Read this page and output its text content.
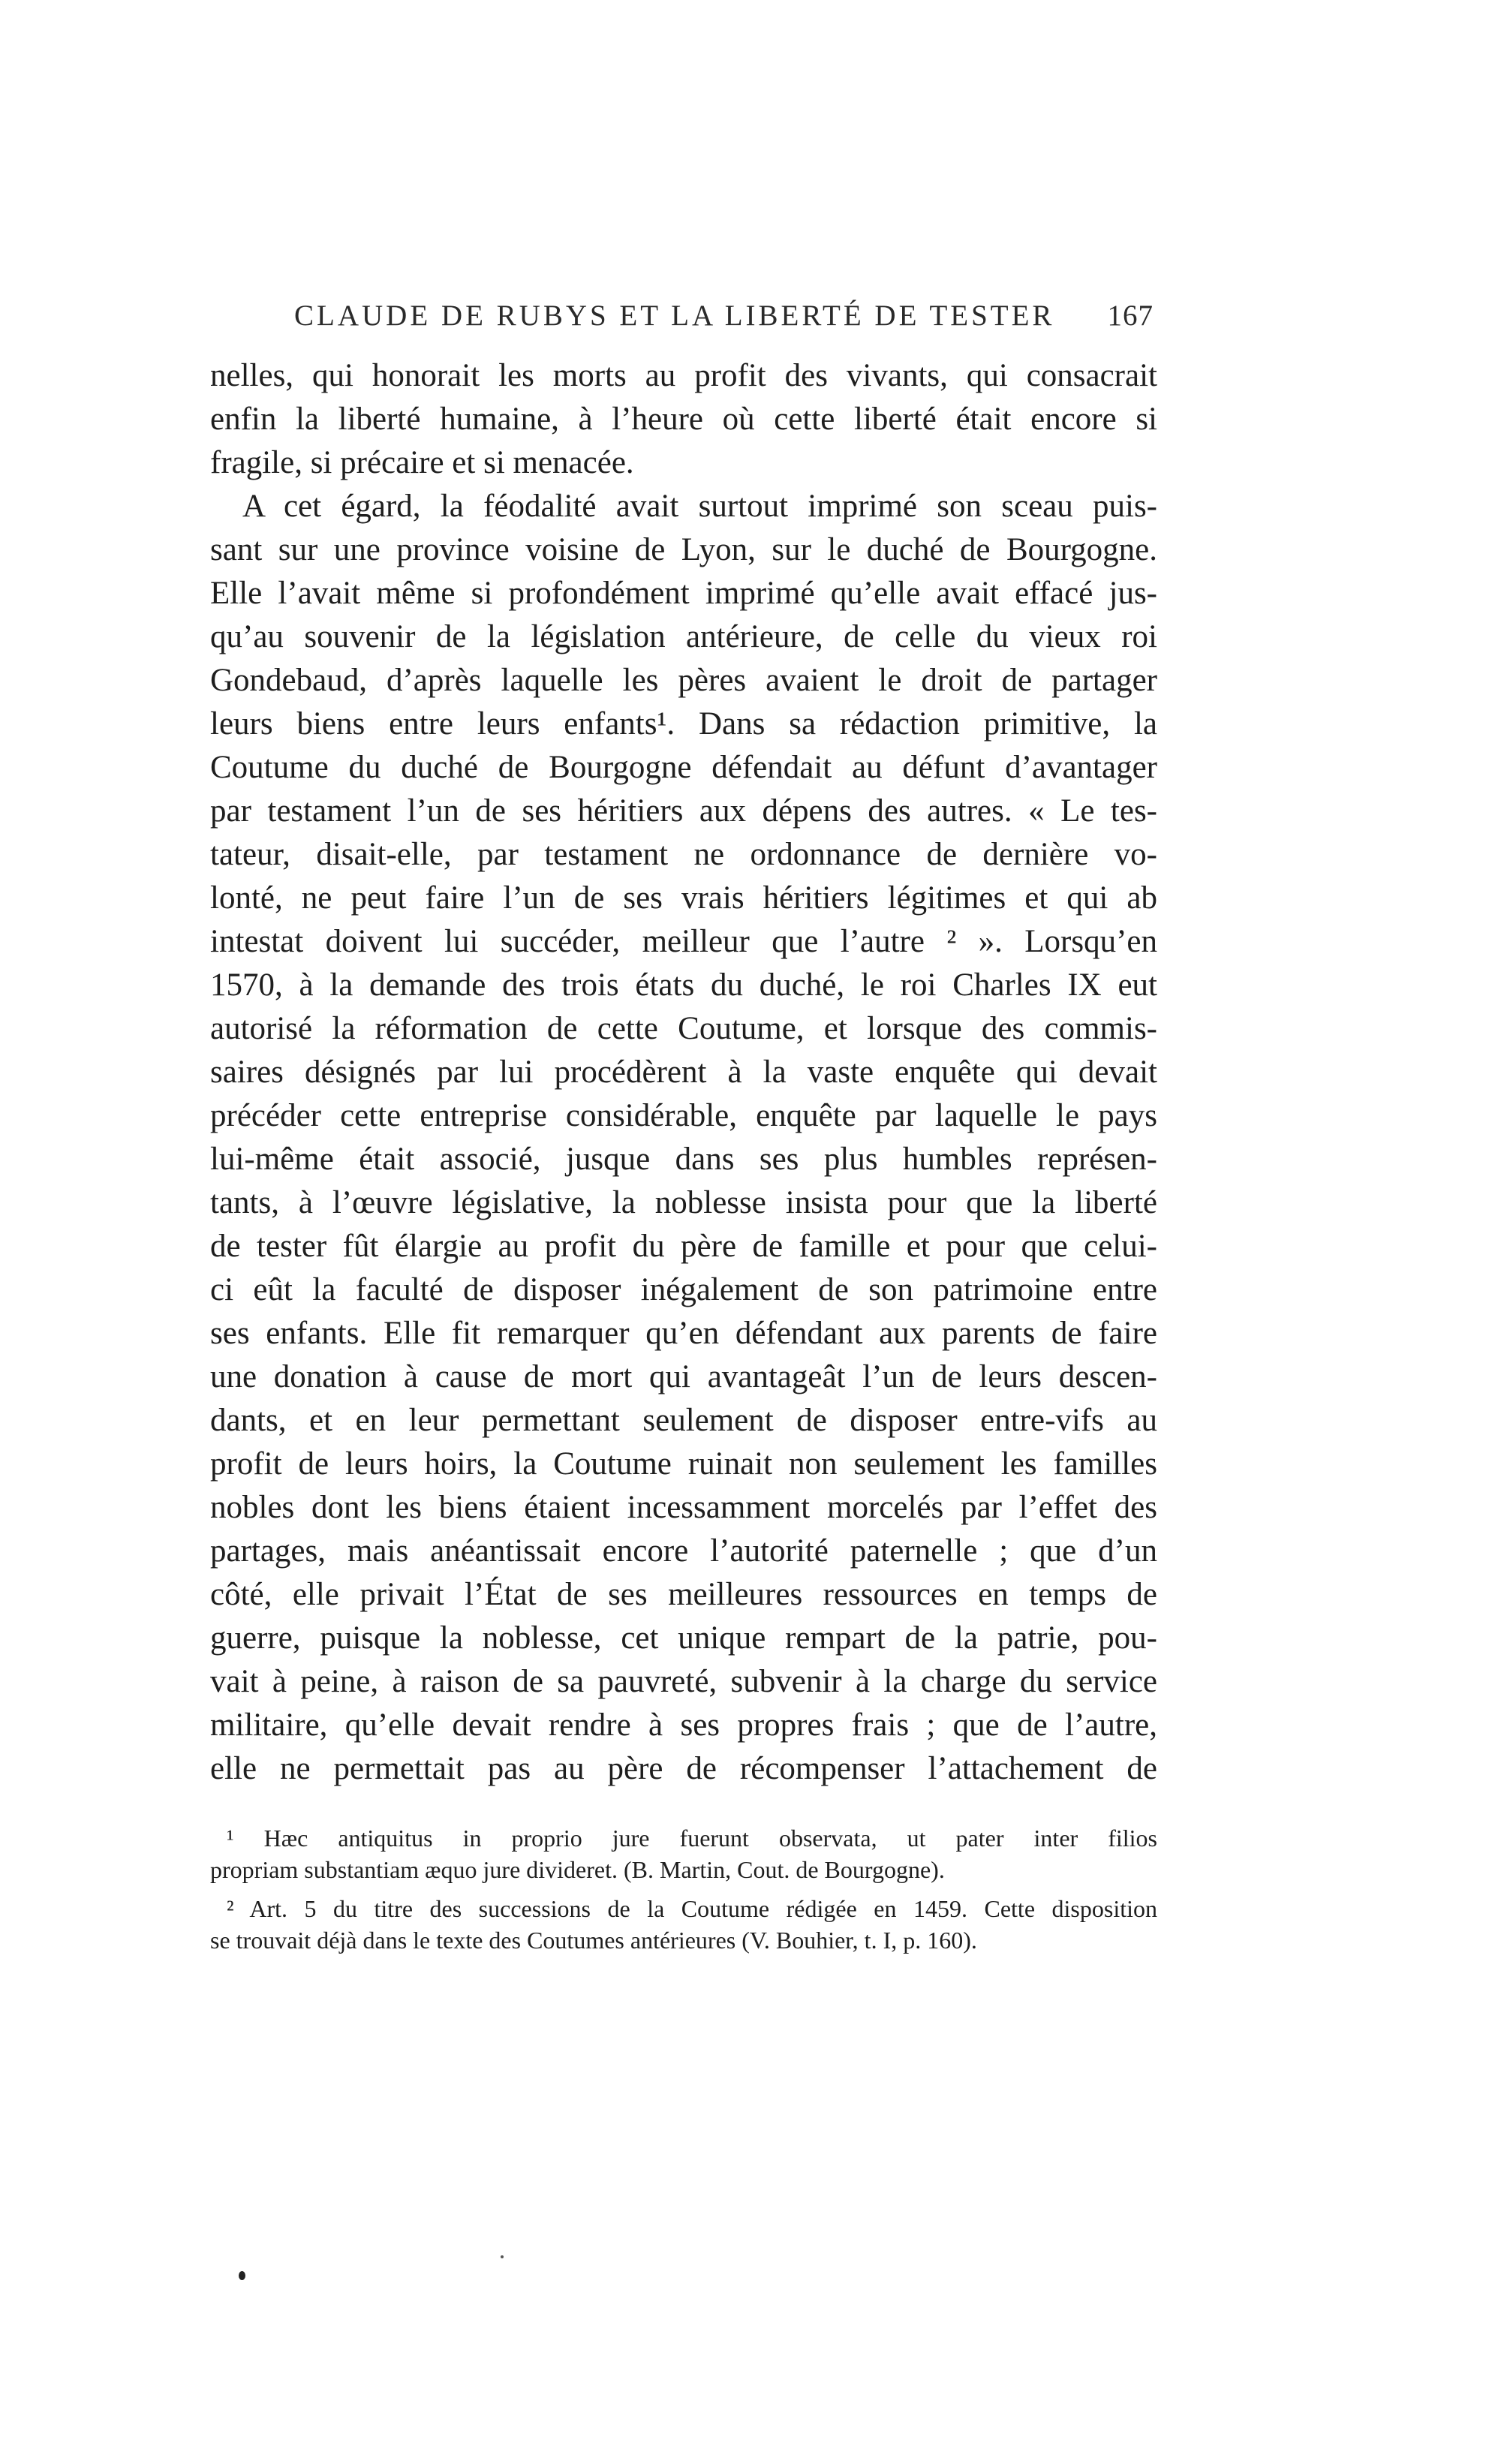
CLAUDE DE RUBYS ET LA LIBERTÉ DE TESTER 167
nelles, qui honorait les morts au profit des vivants, qui consacrait
enfin la liberté humaine, à l’heure où cette liberté était encore si
fragile, si précaire et si menacée.
A cet égard, la féodalité avait surtout imprimé son sceau puis-
sant sur une province voisine de Lyon, sur le duché de Bourgogne.
Elle l’avait même si profondément imprimé qu’elle avait effacé jus-
qu’au souvenir de la législation antérieure, de celle du vieux roi
Gondebaud, d’après laquelle les pères avaient le droit de partager
leurs biens entre leurs enfants¹. Dans sa rédaction primitive, la
Coutume du duché de Bourgogne défendait au défunt d’avantager
par testament l’un de ses héritiers aux dépens des autres. « Le tes-
tateur, disait-elle, par testament ne ordonnance de dernière vo-
lonté, ne peut faire l’un de ses vrais héritiers légitimes et qui ab
intestat doivent lui succéder, meilleur que l’autre ² ». Lorsqu’en
1570, à la demande des trois états du duché, le roi Charles IX eut
autorisé la réformation de cette Coutume, et lorsque des commis-
saires désignés par lui procédèrent à la vaste enquête qui devait
précéder cette entreprise considérable, enquête par laquelle le pays
lui-même était associé, jusque dans ses plus humbles représen-
tants, à l’œuvre législative, la noblesse insista pour que la liberté
de tester fût élargie au profit du père de famille et pour que celui-
ci eût la faculté de disposer inégalement de son patrimoine entre
ses enfants. Elle fit remarquer qu’en défendant aux parents de faire
une donation à cause de mort qui avantageât l’un de leurs descen-
dants, et en leur permettant seulement de disposer entre-vifs au
profit de leurs hoirs, la Coutume ruinait non seulement les familles
nobles dont les biens étaient incessamment morcelés par l’effet des
partages, mais anéantissait encore l’autorité paternelle ; que d’un
côté, elle privait l’État de ses meilleures ressources en temps de
guerre, puisque la noblesse, cet unique rempart de la patrie, pou-
vait à peine, à raison de sa pauvreté, subvenir à la charge du service
militaire, qu’elle devait rendre à ses propres frais ; que de l’autre,
elle ne permettait pas au père de récompenser l’attachement de
¹ Hæc antiquitus in proprio jure fuerunt observata, ut pater inter filios
propriam substantiam æquo jure divideret. (B. Martin, Cout. de Bourgogne).
² Art. 5 du titre des successions de la Coutume rédigée en 1459. Cette disposition
se trouvait déjà dans le texte des Coutumes antérieures (V. Bouhier, t. I, p. 160).
